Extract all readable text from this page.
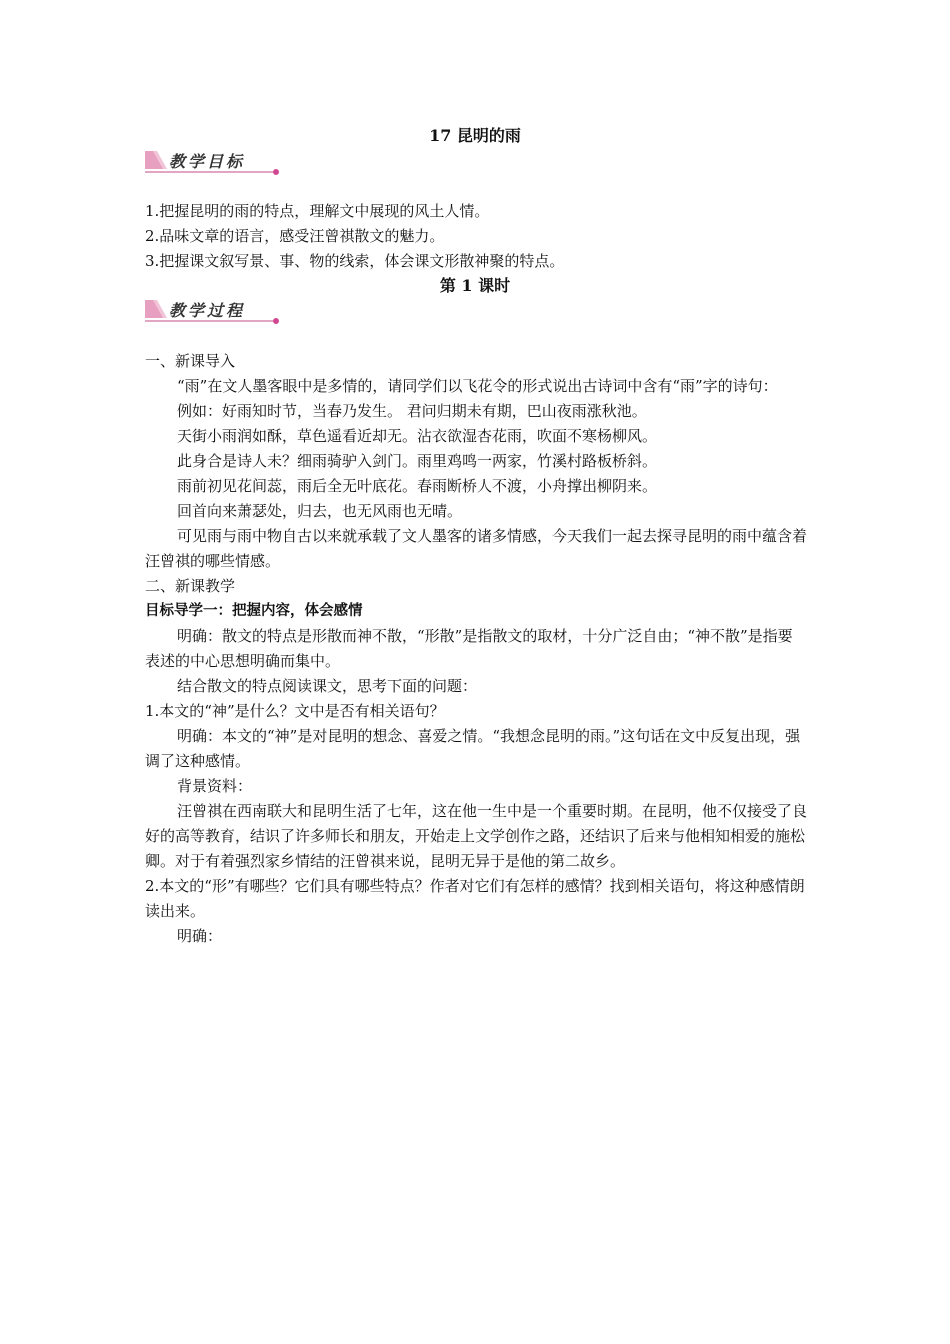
17 昆明的雨
教学目标

1.把握昆明的雨的特点，理解文中展现的风土人情。

2.品味文章的语言，感受汪曾祺散文的魅力。

3.把握课文叙写景、事、物的线索，体会课文形散神聚的特点。

第 1 课时
教学过程

一、新课导入

“雨”在文人墨客眼中是多情的，请同学们以飞花令的形式说出古诗词中含有“雨”字的诗句：

例如：好雨知时节，当春乃发生。 君问归期未有期，巴山夜雨涨秋池。

天街小雨润如酥，草色遥看近却无。沾衣欲湿杏花雨，吹面不寒杨柳风。

此身合是诗人未？细雨骑驴入剑门。雨里鸡鸣一两家，竹溪村路板桥斜。

雨前初见花间蕊，雨后全无叶底花。春雨断桥人不渡，小舟撑出柳阴来。

回首向来萧瑟处，归去，也无风雨也无晴。

可见雨与雨中物自古以来就承载了文人墨客的诸多情感，今天我们一起去探寻昆明的雨中蕴含着汪曾祺的哪些情感。

二、新课教学

目标导学一：把握内容，体会感情

明确：散文的特点是形散而神不散，“形散”是指散文的取材，十分广泛自由；“神不散”是指要表述的中心思想明确而集中。

结合散文的特点阅读课文，思考下面的问题：

1.本文的“神”是什么？文中是否有相关语句？

明确：本文的“神”是对昆明的想念、喜爱之情。“我想念昆明的雨。”这句话在文中反复出现，强调了这种感情。

背景资料：

汪曾祺在西南联大和昆明生活了七年，这在他一生中是一个重要时期。在昆明，他不仅接受了良好的高等教育，结识了许多师长和朋友，开始走上文学创作之路，还结识了后来与他相知相爱的施松卿。对于有着强烈家乡情结的汪曾祺来说，昆明无异于是他的第二故乡。

2.本文的“形”有哪些？它们具有哪些特点？作者对它们有怎样的感情？找到相关语句，将这种感情朗读出来。

明确：
